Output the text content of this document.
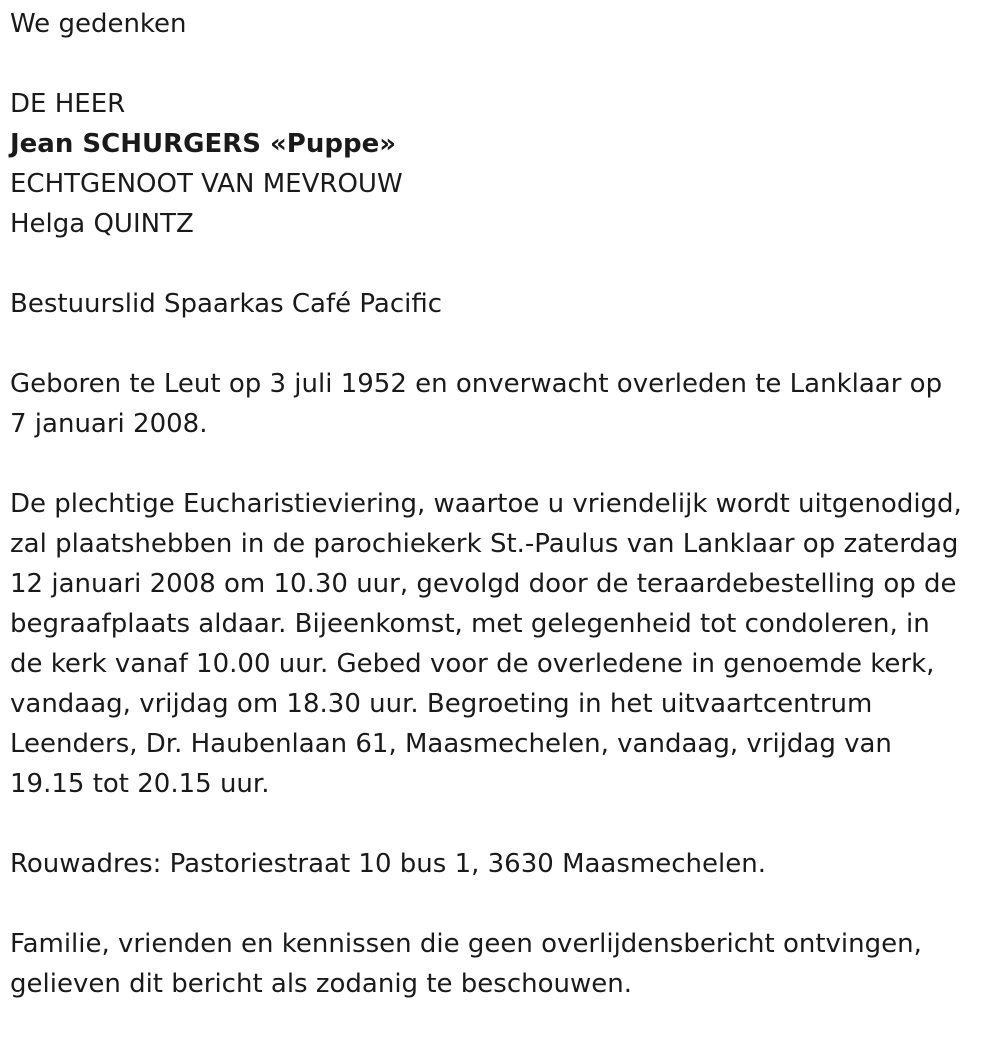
We gedenken

DE HEER

Jean SCHURGERS «Puppe»

ECHTGENOOT VAN MEVROUW

Helga QUINTZ

Bestuurslid Spaarkas Café Pacific

Geboren te Leut op 3 juli 1952 en onverwacht overleden te Lanklaar op 7 januari 2008.

De plechtige Eucharistieviering, waartoe u vriendelijk wordt uitgenodigd, zal plaatshebben in de parochiekerk St.-Paulus van Lanklaar op zaterdag 12 januari 2008 om 10.30 uur, gevolgd door de teraardebestelling op de begraafplaats aldaar. Bijeenkomst, met gelegenheid tot condoleren, in de kerk vanaf 10.00 uur. Gebed voor de overledene in genoemde kerk, vandaag, vrijdag om 18.30 uur. Begroeting in het uitvaartcentrum Leenders, Dr. Haubenlaan 61, Maasmechelen, vandaag, vrijdag van 19.15 tot 20.15 uur.

Rouwadres: Pastoriestraat 10 bus 1, 3630 Maasmechelen.

Familie, vrienden en kennissen die geen overlijdensbericht ontvingen, gelieven dit bericht als zodanig te beschouwen.
